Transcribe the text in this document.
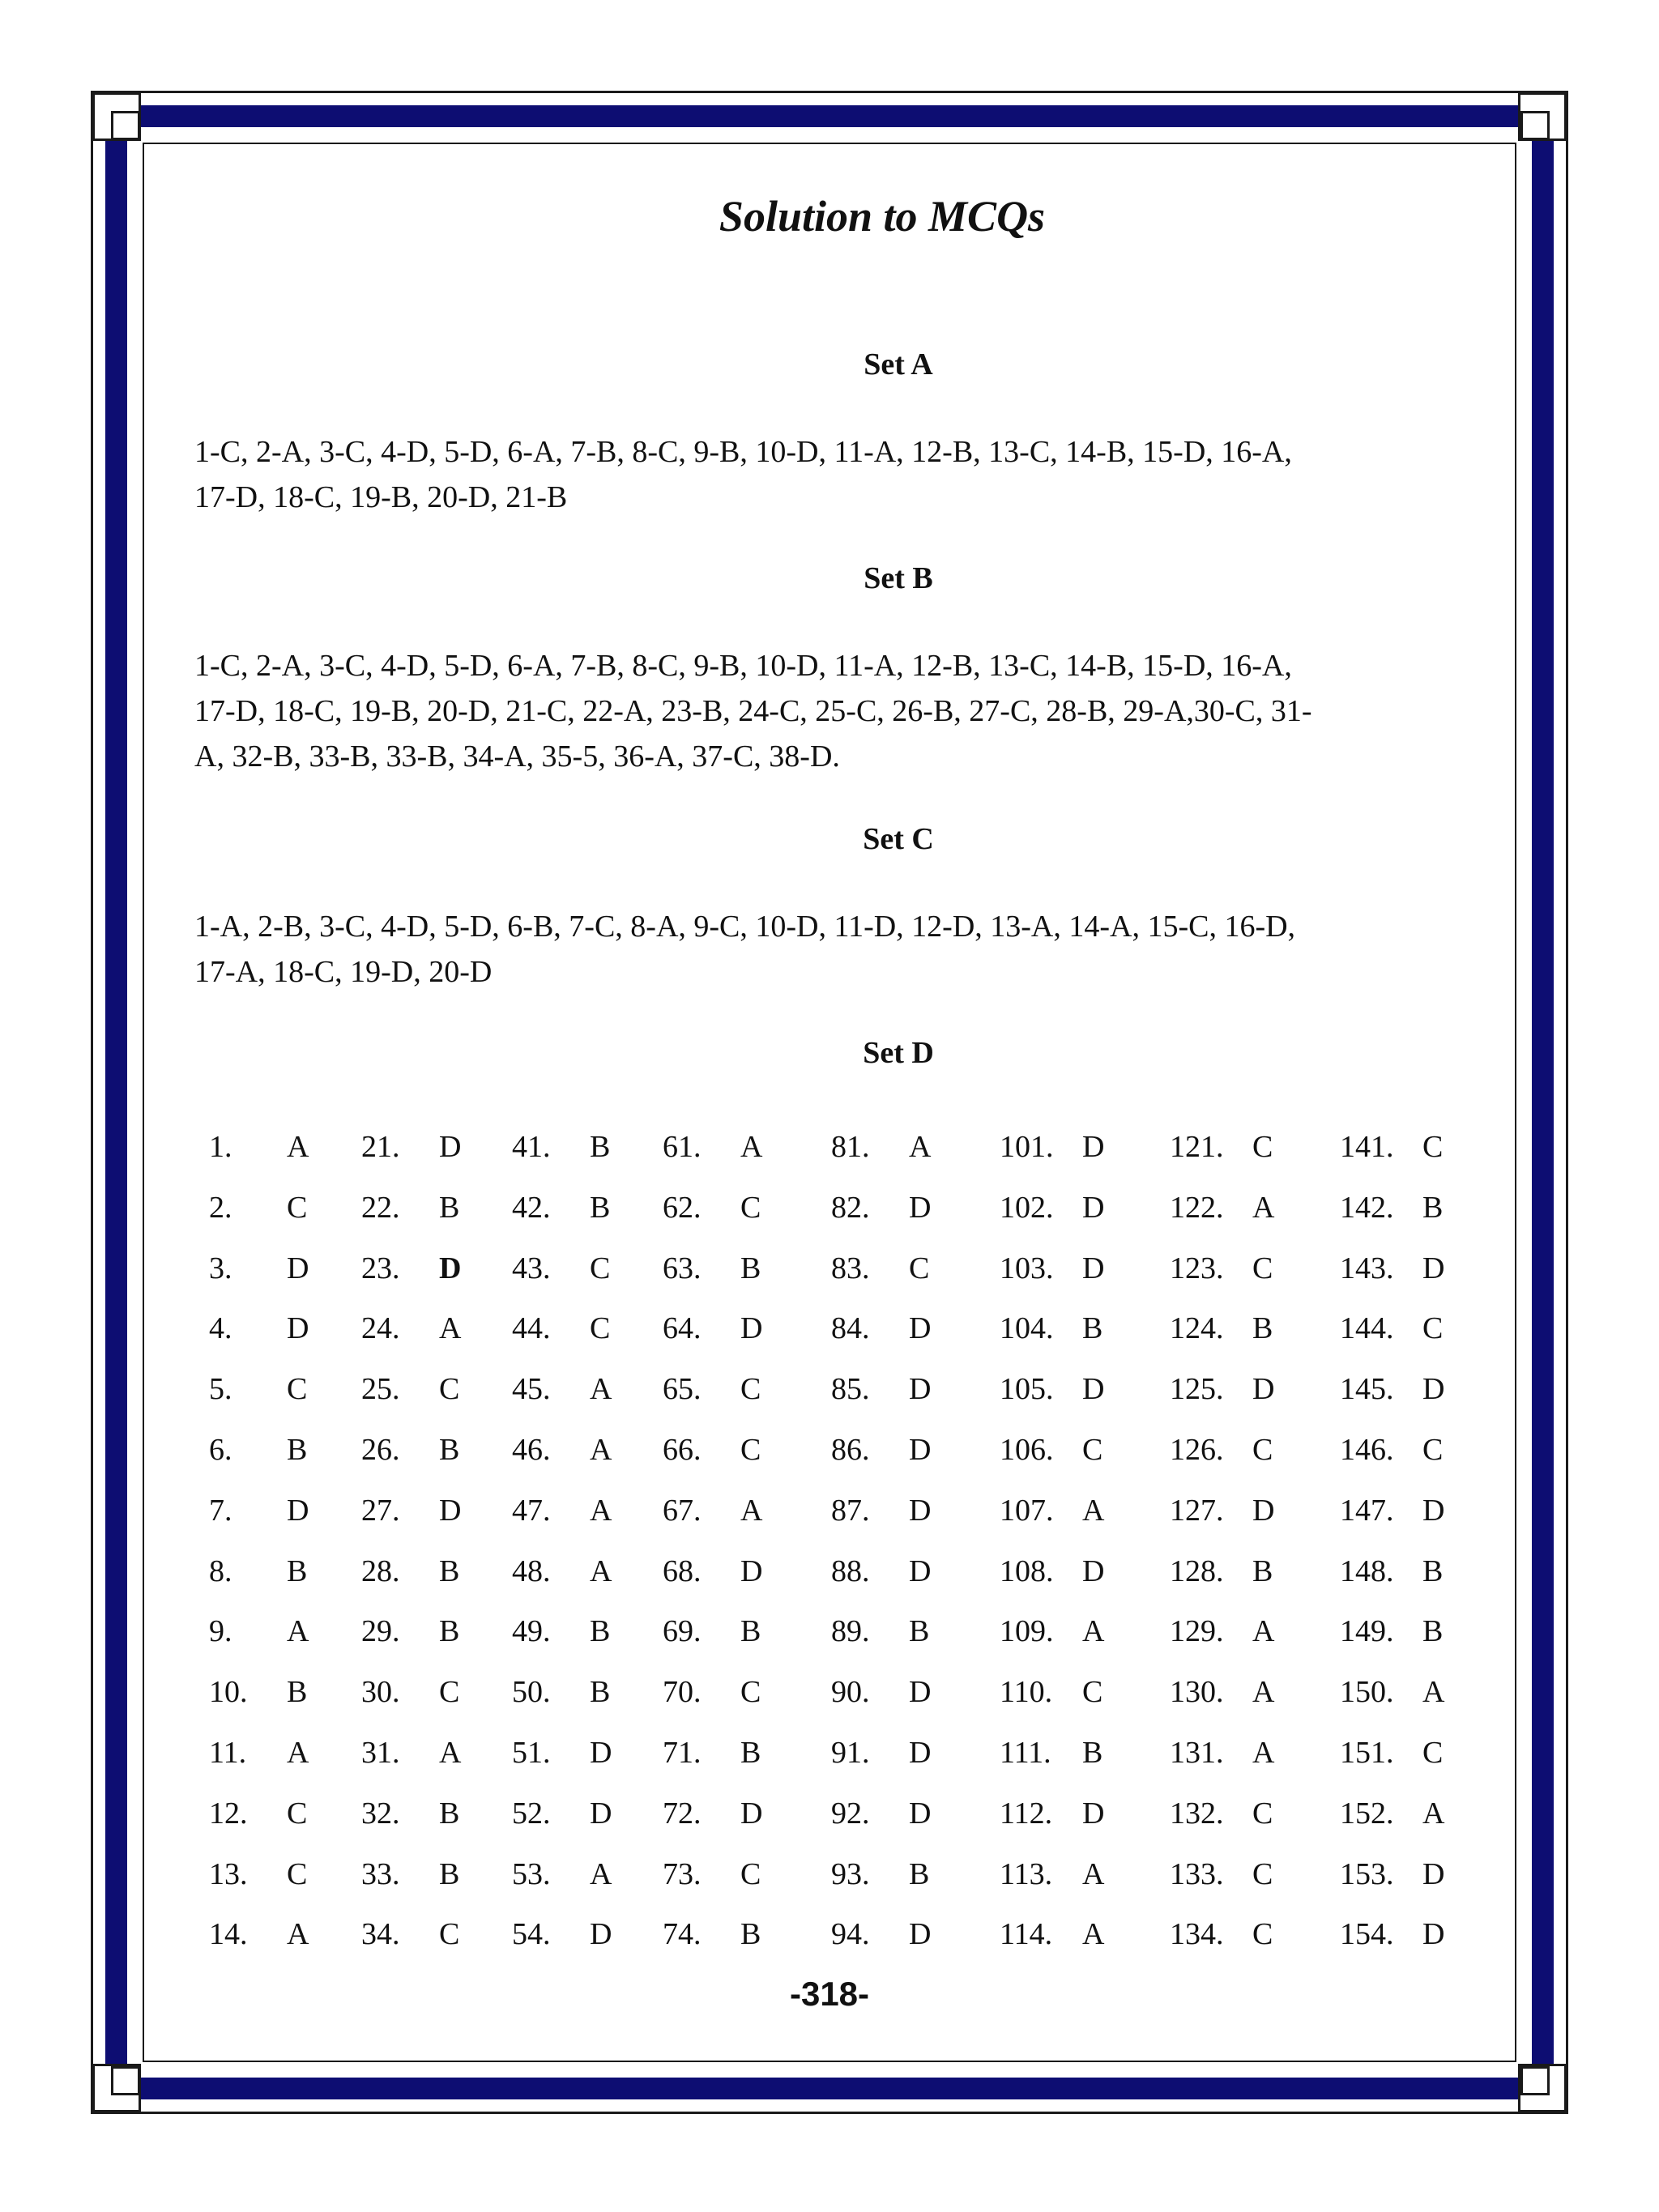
Solution to MCQs
Set A
1-C, 2-A, 3-C, 4-D, 5-D, 6-A, 7-B, 8-C, 9-B, 10-D, 11-A, 12-B, 13-C, 14-B, 15-D, 16-A,
17-D, 18-C, 19-B, 20-D, 21-B
Set B
1-C, 2-A, 3-C, 4-D, 5-D, 6-A, 7-B, 8-C, 9-B, 10-D, 11-A, 12-B, 13-C, 14-B, 15-D, 16-A,
17-D, 18-C, 19-B, 20-D, 21-C, 22-A, 23-B, 24-C, 25-C, 26-B, 27-C, 28-B, 29-A,30-C, 31-
A, 32-B, 33-B, 33-B, 34-A, 35-5, 36-A, 37-C, 38-D.
Set C
1-A, 2-B, 3-C, 4-D, 5-D, 6-B, 7-C, 8-A, 9-C, 10-D, 11-D, 12-D, 13-A, 14-A, 15-C, 16-D,
17-A, 18-C, 19-D, 20-D
Set D
1. A
2. C
3. D
4. D
5. C
6. B
7. D
8. B
9. A
10. B
11. A
12. C
13. C
14. A
21. D
22. B
23. D
24. A
25. C
26. B
27. D
28. B
29. B
30. C
31. A
32. B
33. B
34. C
41. B
42. B
43. C
44. C
45. A
46. A
47. A
48. A
49. B
50. B
51. D
52. D
53. A
54. D
61. A
62. C
63. B
64. D
65. C
66. C
67. A
68. D
69. B
70. C
71. B
72. D
73. C
74. B
81. A
82. D
83. C
84. D
85. D
86. D
87. D
88. D
89. B
90. D
91. D
92. D
93. B
94. D
101. D
102. D
103. D
104. B
105. D
106. C
107. A
108. D
109. A
110. C
111. B
112. D
113. A
114. A
121. C
122. A
123. C
124. B
125. D
126. C
127. D
128. B
129. A
130. A
131. A
132. C
133. C
134. C
141. C
142. B
143. D
144. C
145. D
146. C
147. D
148. B
149. B
150. A
151. C
152. A
153. D
154. D
-318-
